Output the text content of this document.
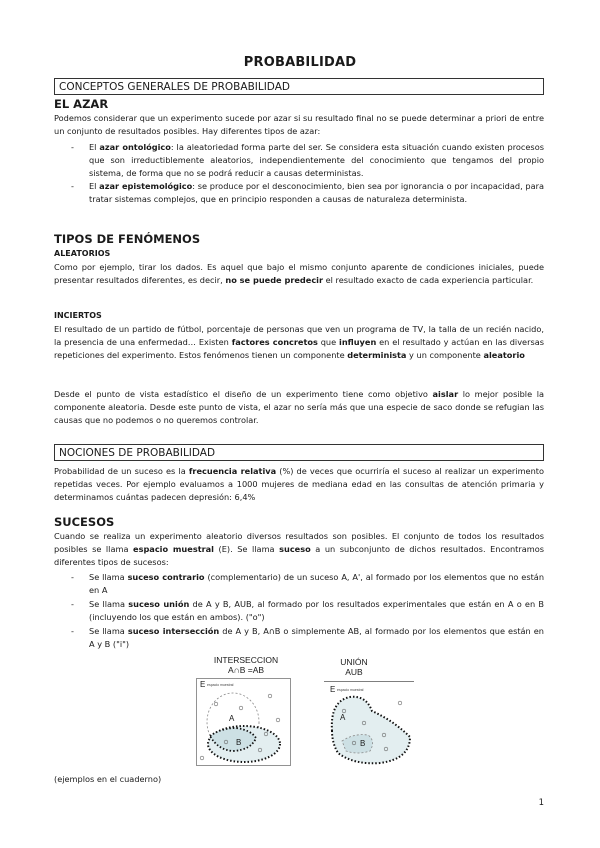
PROBABILIDAD
CONCEPTOS GENERALES DE PROBABILIDAD
EL AZAR
Podemos considerar que un experimento sucede por azar si su resultado final no se puede determinar a priori de entre un conjunto de resultados posibles. Hay diferentes tipos de azar:
- El azar ontológico: la aleatoriedad forma parte del ser. Se considera esta situación cuando existen procesos que son irreductiblemente aleatorios, independientemente del conocimiento que tengamos del propio sistema, de forma que no se podrá reducir a causas deterministas.
- El azar epistemológico: se produce por el desconocimiento, bien sea por ignorancia o por incapacidad, para tratar sistemas complejos, que en principio responden a causas de naturaleza determinista.
TIPOS DE FENÓMENOS
ALEATORIOS
Como por ejemplo, tirar los dados. Es aquel que bajo el mismo conjunto aparente de condiciones iniciales, puede presentar resultados diferentes, es decir, no se puede predecir el resultado exacto de cada experiencia particular.
INCIERTOS
El resultado de un partido de fútbol, porcentaje de personas que ven un programa de TV, la talla de un recién nacido, la presencia de una enfermedad… Existen factores concretos que influyen en el resultado y actúan en las diversas repeticiones del experimento. Estos fenómenos tienen un componente determinista y un componente aleatorio
Desde el punto de vista estadístico el diseño de un experimento tiene como objetivo aislar lo mejor posible la componente aleatoria. Desde este punto de vista, el azar no sería más que una especie de saco donde se refugian las causas que no podemos o no queremos controlar.
NOCIONES DE PROBABILIDAD
Probabilidad de un suceso es la frecuencia relativa (%) de veces que ocurriría el suceso al realizar un experimento repetidas veces. Por ejemplo evaluamos a 1000 mujeres de mediana edad en las consultas de atención primaria y determinamos cuántas padecen depresión: 6,4%
SUCESOS
Cuando se realiza un experimento aleatorio diversos resultados son posibles. El conjunto de todos los resultados posibles se llama espacio muestral (E). Se llama suceso a un subconjunto de dichos resultados. Encontramos diferentes tipos de sucesos:
- Se llama suceso contrario (complementario) de un suceso A, A', al formado por los elementos que no están en A
- Se llama suceso unión de A y B, AUB, al formado por los resultados experimentales que están en A o en B (incluyendo los que están en ambos). ("o")
- Se llama suceso intersección de A y B, A∩B o simplemente AB, al formado por los elementos que están en A y B ("i")
INTERSECCION
A∩B =AB
E espacio muestral
A
B
UNIÓN
AUB
E espacio muestral
A
B
(ejemplos en el cuaderno)
1
